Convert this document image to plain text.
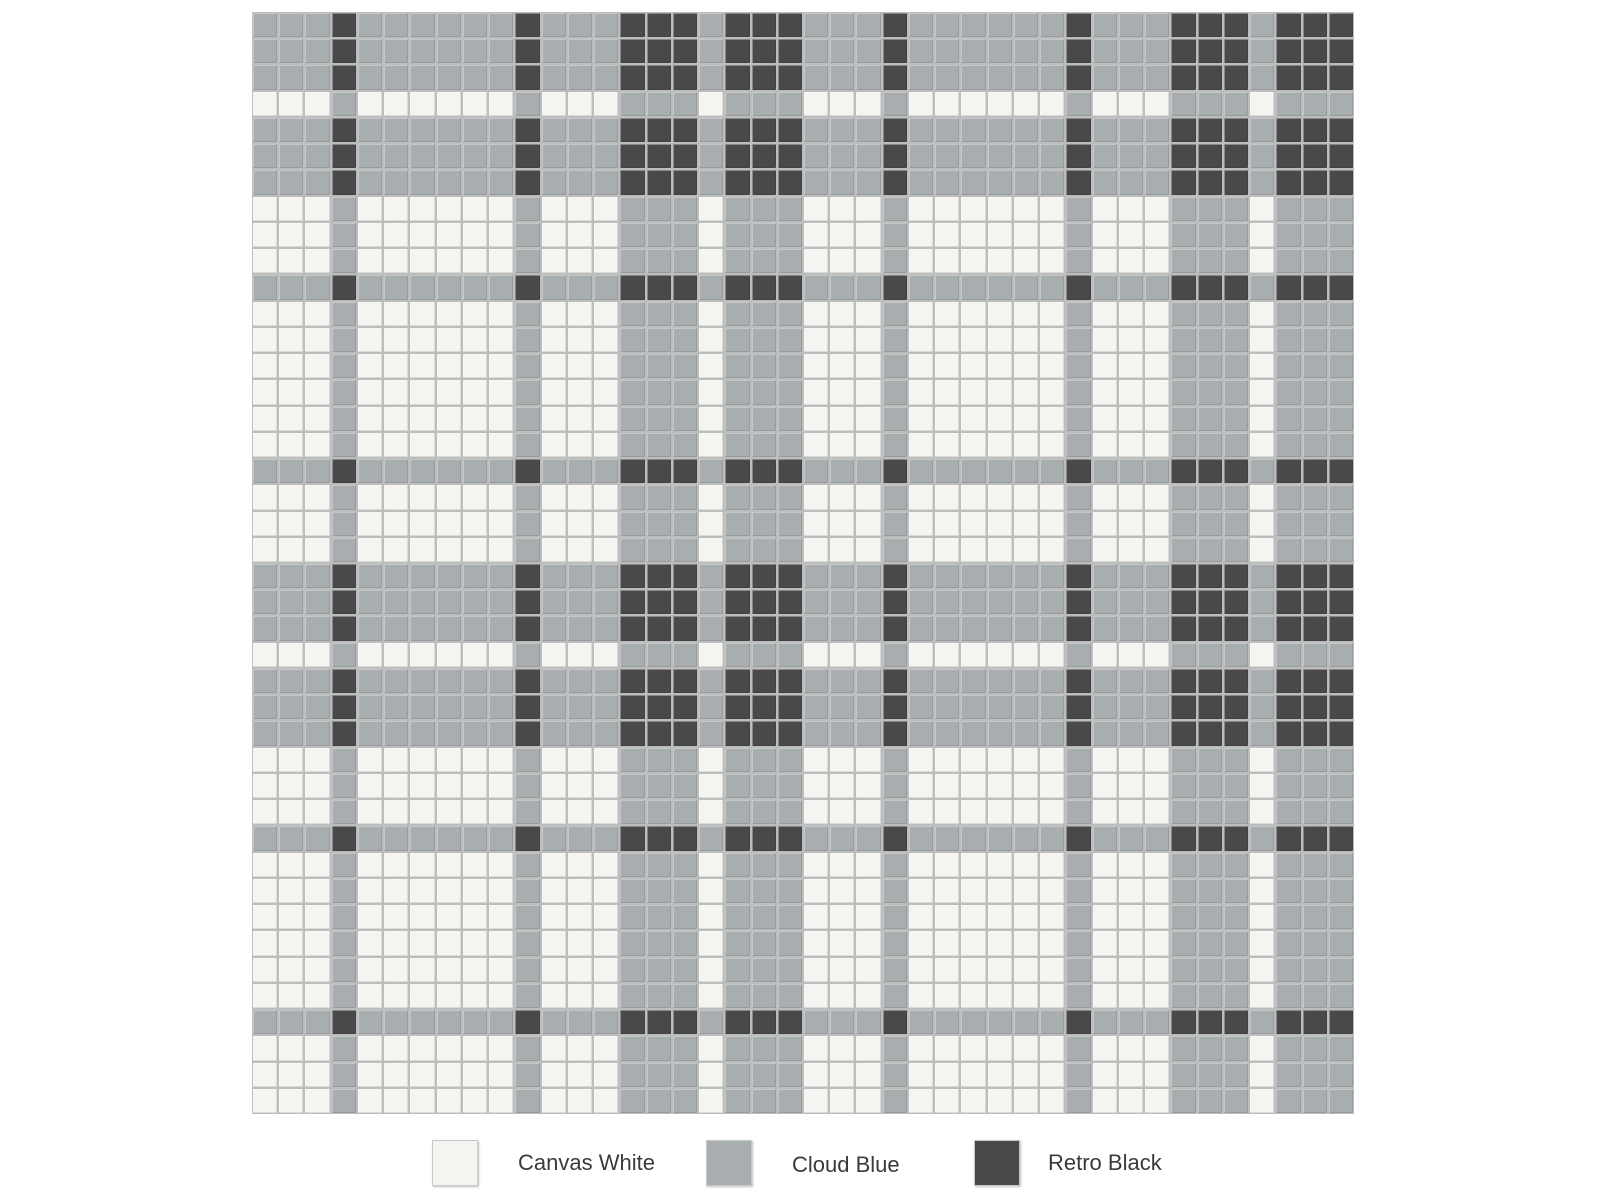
Canvas White	Cloud Blue	Retro Black
